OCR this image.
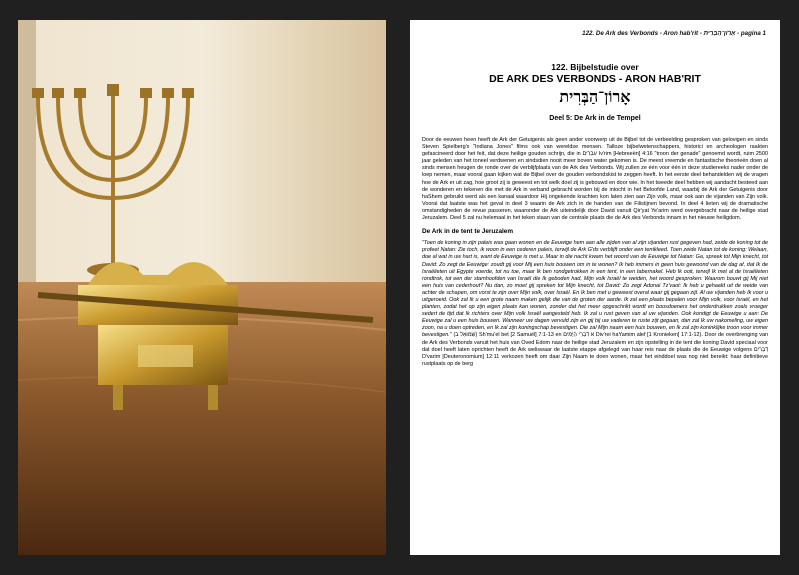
122. De Ark des Verbonds - Aron hab'rit - אָרוֹן־הַבְּרִית - pagina 1
122. Bijbelstudie over
DE ARK DES VERBONDS - ARON HAB'RIT
אָרוֹן־הַבְּרִית
Deel 5: De Ark in de Tempel

Door de eeuwen heen heeft de Ark der Getuigenis als geen ander voorwerp uit de Bijbel tot de verbeelding gesproken van gelovigen en sinds Steven Spielberg's "Indiana Jones" films ook van wereldse mensen. Talloze bijbelwetenschappers, historici en archeologen raakten gefascineerd door het feit, dat deze heilige gouden schrijn, die in עִבְרִים Iv'rim [Hebreeën] 4:16 "troon der genade" genoemd wordt, ruim 2500 jaar geleden van het toneel verdwenen en sindsdien nooit meer boven water gekomen is. De meest vreemde en fantastische theorieën doen al sinds mensen heugen de ronde over de verblijfplaats van de Ark des Verbonds. Wij zullen ze één voor één in deze studiereeks nader onder de loep nemen, maar vooral gaan kijken wat de Bijbel over de gouden verbondskist te zeggen heeft. In het eerste deel behandelden wij de vragen hoe de Ark er uit zag, hoe groot zij is geweest en tot welk doel zij is gebouwd en door wie. In het tweede deel hebben wij aandacht besteed aan de wonderen en tekenen die met de Ark in verband gebracht worden bij de intocht in het Beloofde Land, waarbij de Ark der Getuigenis door haShem gebruikt werd als een kanaal waardoor Hij ongekende krachten kon laten zien aan Zijn volk, maar ook aan de vijanden van Zijn volk. Vooral dat laatste was het geval in deel 3 waarin de Ark zich in de handen van de Filistijnen bevond. In deel 4 lieten wij de dramatische omstandigheden de revue passeren, waaronder de Ark uiteindelijk door David vanuit Qir'yat Ye'arim werd overgebracht naar de heilige stad Jeruzalem. Deel 5 zal nu helemaal in het teken staan van de centrale plaats die de Ark des Verbonds innam in het nieuwe heiligdom.

De Ark in de tent te Jeruzalem

"Toen de koning in zijn paleis was gaan wonen en de Eeuwige hem aan alle zijden van al zijn vijanden rust gegeven had, zeide de koning tot de profeet Natan: Zie toch, ik woon in een cederen paleis, terwijl de Ark G'ds verblijft onder een tentkleed. Toen zeide Natan tot de koning: Welaan, doe al wat in uw hart is, want de Eeuwige is met u. Maar in die nacht kwam het woord van de Eeuwige tot Natan: Ga, spreek tot Mijn knecht, tot David: Zo zegt de Eeuwige: zoudt gij voor Mij een huis bouwen om in te wonen? Ik heb immers in geen huis gewoond van de dag af, dat Ik de Israëlieten uit Egypte voerde, tot nu toe, maar Ik ben rondgetrokken in een tent, in een tabernakel. Heb Ik ooit, terwijl Ik met al de Israëlieten rondtrok, tot een der stamhoofden van Israël die Ik geboden had, Mijn volk Israël te weiden, het woord gesproken: Waarom bouwt gij Mij niet een huis van cederhout? Nu dan, zo moet gij spreken tot Mijn knecht, tot David: Zo zegt Adonai Tz'vaot: Ik heb u gehaald uit de weide van achter de schapen, om vorst te zijn over Mijn volk, over Israël. En Ik ben met u geweest overal waar gij gegaan zijt. Al uw vijanden heb Ik voor u uitgeroeid. Ook zal Ik u een grote naam maken gelijk die van de groten der aarde. Ik zal een plaats bepalen voor Mijn volk, voor Israël, en het planten, zodat het op zijn eigen plaats kan wonen, zonder dat het meer opgeschrikt wordt en boosdoeners het onderdrukken zoals vroeger sedert de tijd dat Ik richters over Mijn volk Israël aangesteld heb. Ik zal u rust geven van al uw vijanden. Ook kondigt de Eeuwige u aan: De Eeuwige zal u een huis bouwen. Wanneer uw dagen vervuld zijn en gij bij uw vaderen te ruste zijt gegaan, dan zal Ik uw nakomeling, uw eigen zoon, na u doen optreden, en Ik zal zijn koningschap bevestigen. Die zal Mijn naam een huis bouwen, en Ik zal zijn koninklijke troon voor immer bevestigen." (שְׁמוּאֵל ב) Sh'mu'el bet [2 Samuël] 7:1-13 en א דִּבְרֵי הַיָּמִים Div'rei haYamim alef [1 Kronieken] 17:1-12). Door de overbrenging van de Ark des Verbonds vanuit het huis van Oved Edom naar de heilige stad Jeruzalem en zijn opstelling in de tent die koning David speciaal voor dat doel heeft laten oprichten heeft de Ark weliswaar de laatste etappe afgelegd van haar reis naar de plaats die de Eeuwige volgens דְּבָרִים D'varim [Deuteronomium] 12:11 verkozen heeft om daar Zijn Naam te doen wonen, maar het einddoel was nog niet bereikt: haar definitieve rustplaats op de berg
